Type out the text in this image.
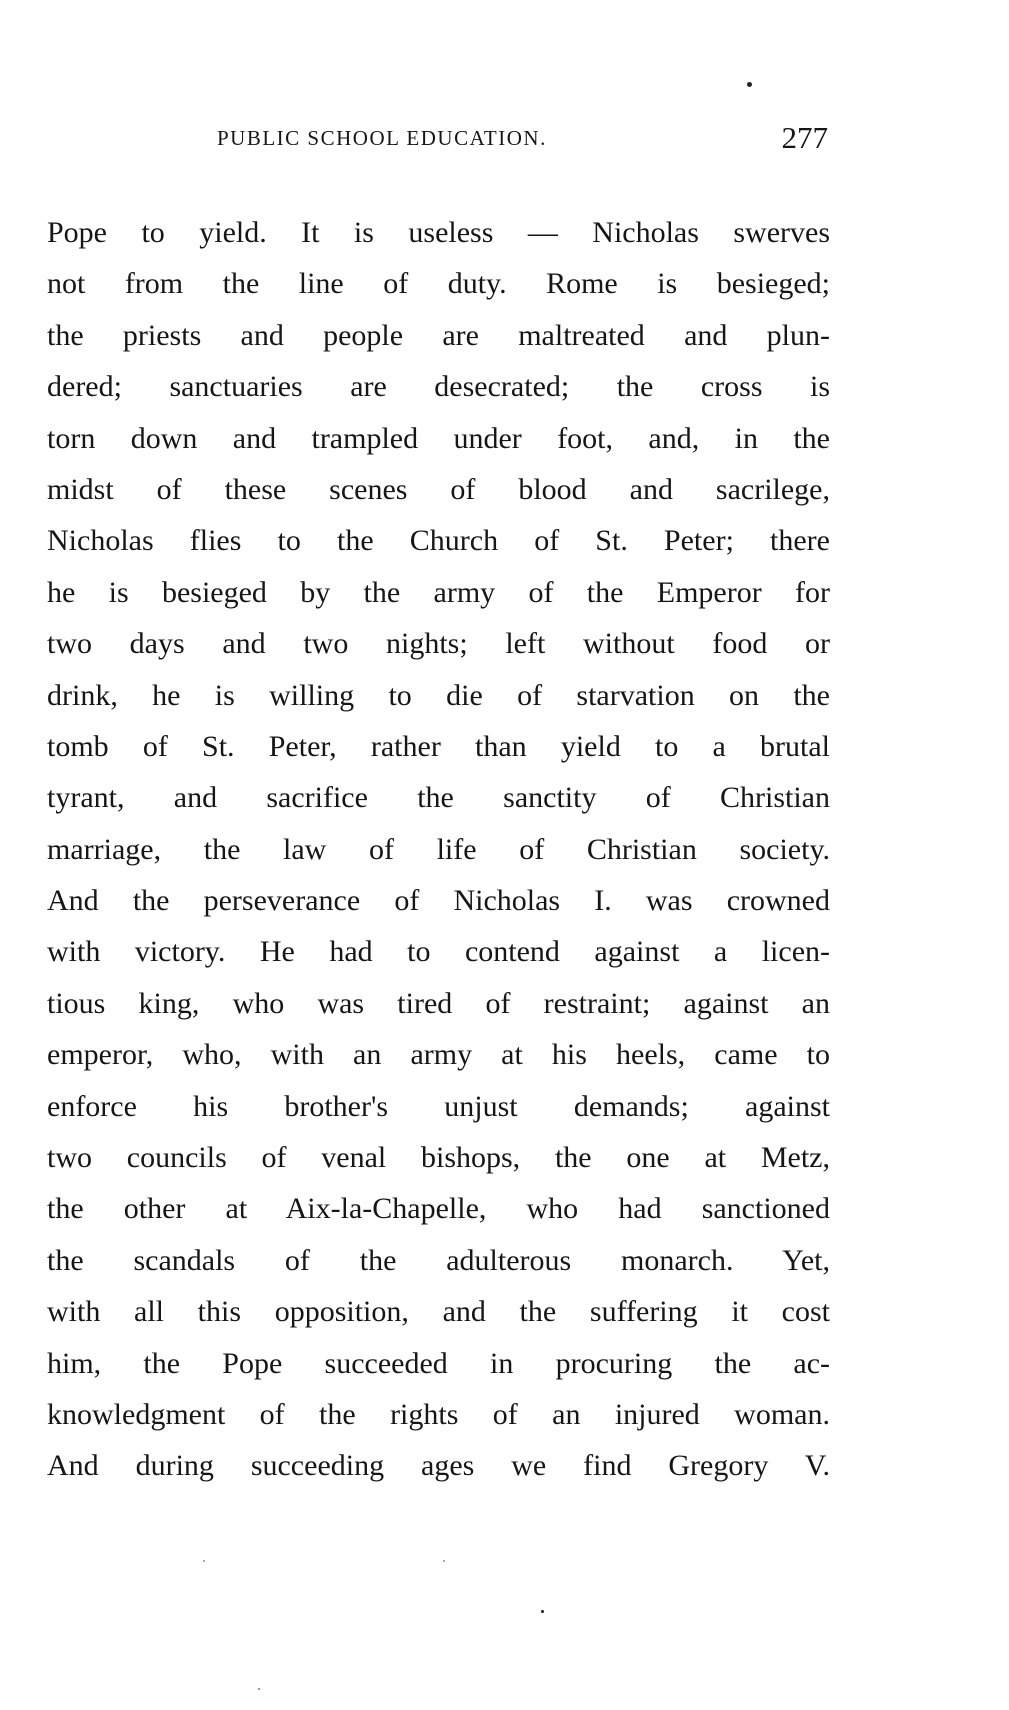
PUBLIC SCHOOL EDUCATION.	277
Pope to yield. It is useless — Nicholas swerves
not from the line of duty. Rome is besieged;
the priests and people are maltreated and plun-
dered; sanctuaries are desecrated; the cross is
torn down and trampled under foot, and, in the
midst of these scenes of blood and sacrilege,
Nicholas flies to the Church of St. Peter; there
he is besieged by the army of the Emperor for
two days and two nights; left without food or
drink, he is willing to die of starvation on the
tomb of St. Peter, rather than yield to a brutal
tyrant, and sacrifice the sanctity of Christian
marriage, the law of life of Christian society.
And the perseverance of Nicholas I. was crowned
with victory. He had to contend against a licen-
tious king, who was tired of restraint; against an
emperor, who, with an army at his heels, came to
enforce his brother's unjust demands; against
two councils of venal bishops, the one at Metz,
the other at Aix-la-Chapelle, who had sanctioned
the scandals of the adulterous monarch. Yet,
with all this opposition, and the suffering it cost
him, the Pope succeeded in procuring the ac-
knowledgment of the rights of an injured woman.
And during succeeding ages we find Gregory V.
